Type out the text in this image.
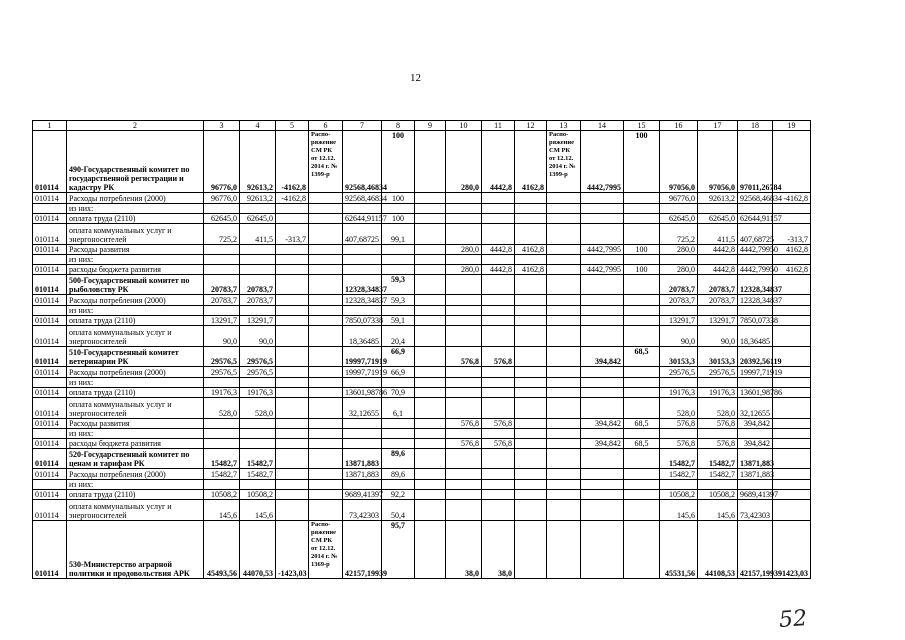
12
1	2	3	4	5	6	7	8	9	10	11	12	13	14	15	16	17	18	19	
010114	490-Государственный комитет по государственной регистрации и кадастру РК	96776,0	92613,2	-4162,8	Распо- ряжение СМ РК от 12.12. 2014 г. № 1399-р	92568,46834	100		280,0	4442,8	4162,8	Распо- ряжение СМ РК от 12.12. 2014 г. № 1399-р	4442,7995	100	97056,0	97056,0	97011,26784		
010114	Расходы потребления (2000)	96776,0	92613,2	-4162,8		92568,46834	100								96776,0	92613,2	92568,46834	-4162,8	
	из них:																		
010114	оплата труда (2110)	62645,0	62645,0			62644,91157	100								62645,0	62645,0	62644,91157		
010114	оплата коммунальных услуг и энергоносителей	725,2	411,5	-313,7		407,68725	99,1								725,2	411,5	407,68725	-313,7	
010114	Расходы развития								280,0	4442,8	4162,8		4442,7995	100	280,0	4442,8	4442,79950	4162,8	
	из них:																		
010114	расходы бюджета развития								280,0	4442,8	4162,8		4442,7995	100	280,0	4442,8	4442,79950	4162,8	
010114	500-Государственный комитет по рыболовству РК	20783,7	20783,7			12328,34837	59,3								20783,7	20783,7	12328,34837		
010114	Расходы потребления (2000)	20783,7	20783,7			12328,34837	59,3								20783,7	20783,7	12328,34837		
	из них:																		
010114	оплата труда (2110)	13291,7	13291,7			7850,07338	59,1								13291,7	13291,7	7850,07338		
010114	оплата коммунальных услуг и энергоносителей	90,0	90,0			18,36485	20,4								90,0	90,0	18,36485		
010114	510-Государственный комитет ветеринарии РК	29576,5	29576,5			19997,71919	66,9		576,8	576,8			394,842	68,5	30153,3	30153,3	20392,56119		
010114	Расходы потребления (2000)	29576,5	29576,5			19997,71919	66,9								29576,5	29576,5	19997,71919		
	из них:																		
010114	оплата труда (2110)	19176,3	19176,3			13601,98786	70,9								19176,3	19176,3	13601,98786		
010114	оплата коммунальных услуг и энергоносителей	528,0	528,0			32,12655	6,1								528,0	528,0	32,12655		
010114	Расходы развития								576,8	576,8			394,842	68,5	576,8	576,8	394,842		
	из них:																		
010114	расходы бюджета развития								576,8	576,8			394,842	68,5	576,8	576,8	394,842		
010114	520-Государственный комитет по ценам и тарифам РК	15482,7	15482,7			13871,883	89,6								15482,7	15482,7	13871,883		
010114	Расходы потребления (2000)	15482,7	15482,7			13871,883	89,6								15482,7	15482,7	13871,883		
	из них:																		
010114	оплата труда (2110)	10508,2	10508,2			9689,41397	92,2								10508,2	10508,2	9689,41397		
010114	оплата коммунальных услуг и энергоносителей	145,6	145,6			73,42303	50,4								145,6	145,6	73,42303		
010114	530-Министерство аграрной политики и продовольствия АРК	45493,56	44070,53	-1423,03	Распо- ряжение СМ РК от 12.12. 2014 г. № 1369-р	42157,19939	95,7		38,0	38,0					45531,56	44108,53	42157,19939	-1423,03	
52
